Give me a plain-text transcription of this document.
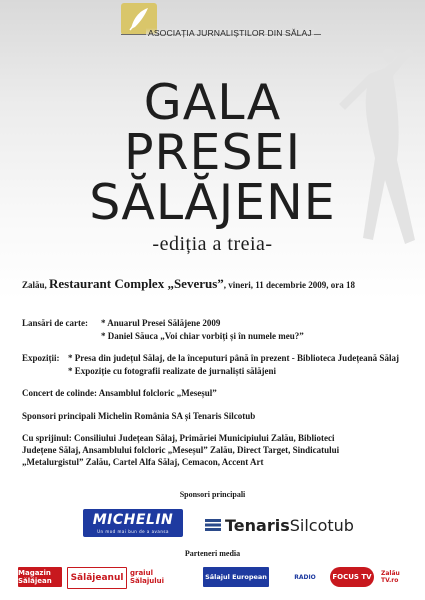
ASOCIAȚIA JURNALIȘTILOR DIN SĂLAJ
GALA
PRESEI
SĂLĂJENE
-ediția a treia-
Zalău, Restaurant Complex „Severus”, vineri, 11 decembrie 2009, ora 18
Lansări de carte: * Anuarul Presei Sălăjene 2009
* Daniel Săuca „Voi chiar vorbiți și în numele meu?”
Expoziții: * Presa din județul Sălaj, de la începuturi până în prezent - Biblioteca Județeană Sălaj
* Expoziție cu fotografii realizate de jurnaliști sălăjeni
Concert de colinde: Ansamblul folcloric „Meseșul”
Sponsori principali Michelin România SA și Tenaris Silcotub
Cu sprijinul: Consiliului Județean Sălaj, Primăriei Municipiului Zalău, Biblioteci
Județene Sălaj, Ansamblului folcloric „Meseșul” Zalău, Direct Target, Sindicatului
„Metalurgistul” Zalău, Cartel Alfa Sălaj, Cemacon, Accent Art
Sponsori principali
MICHELIN
Un mod mai bun de a avansa	TenarisSilcotub
Parteneri media
Magazin Sălăjean	Sălăjeanul graiul Sălajului	Sălajul European	RADIO	FOCUS TV	Zalău TV.ro
